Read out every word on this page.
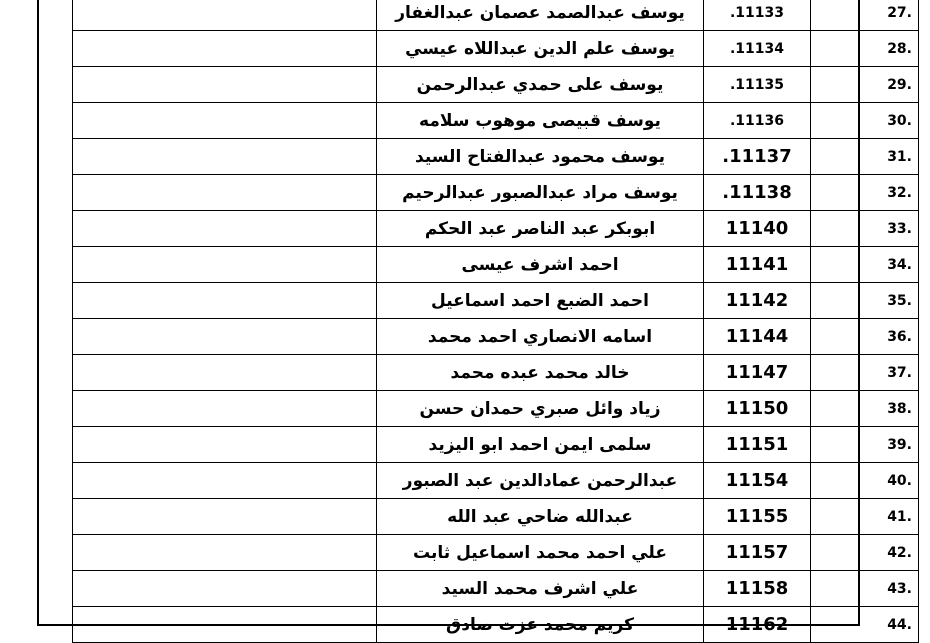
	يوسف عبدالصمد عصمان عبدالغفار	.11133	27.
	يوسف علم الدين عبداللاه عيسي	.11134	28.
	يوسف على حمدي عبدالرحمن	.11135	29.
	يوسف قبيصى موهوب سلامه	.11136	30.
	يوسف محمود عبدالفتاح السيد	.11137	31.
	يوسف مراد عبدالصبور عبدالرحيم	.11138	32.
	ابوبكر عبد الناصر عبد الحكم	11140	33.
	احمد اشرف عيسى	11141	34.
	احمد الضبع احمد اسماعيل	11142	35.
	اسامه الانصاري احمد محمد	11144	36.
	خالد محمد عبده محمد	11147	37.
	زياد وائل صبري حمدان حسن	11150	38.
	سلمى ايمن احمد ابو اليزيد	11151	39.
	عبدالرحمن عمادالدين عبد الصبور	11154	40.
	عبدالله ضاحي عبد الله	11155	41.
	علي احمد محمد اسماعيل ثابت	11157	42.
	علي اشرف محمد السيد	11158	43.
	كريم محمد عزت صادق	11162	44.
